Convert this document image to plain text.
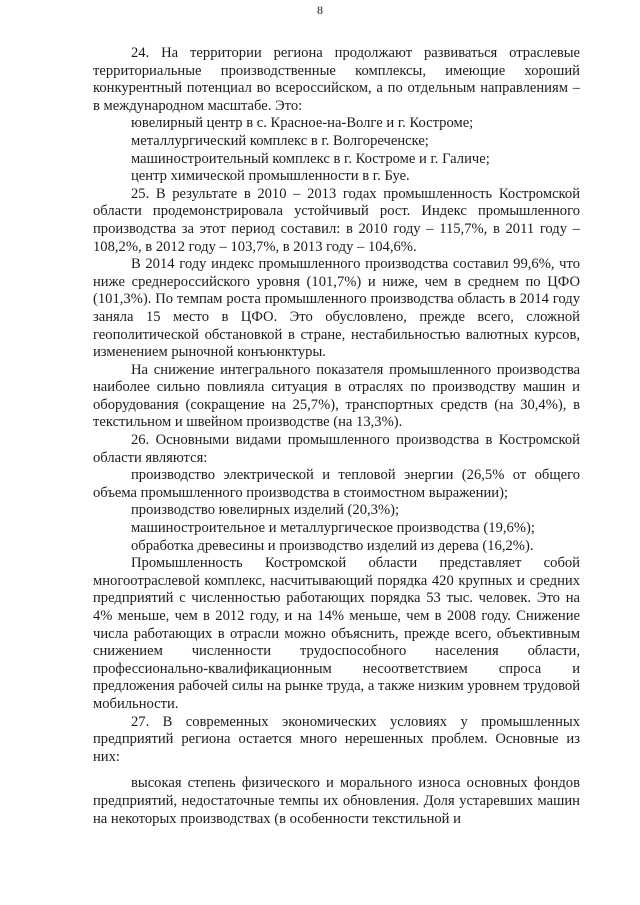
8

24. На территории региона продолжают развиваться отраслевые территориальные производственные комплексы, имеющие хороший конкурентный потенциал во всероссийском, а по отдельным направлениям – в международном масштабе. Это:

ювелирный центр в с. Красное-на-Волге и г. Костроме;

металлургический комплекс в г. Волгореченске;

машиностроительный комплекс в г. Костроме и г. Галиче;

центр химической промышленности в г. Буе.

25. В результате в 2010 – 2013 годах промышленность Костромской области продемонстрировала устойчивый рост. Индекс промышленного производства за этот период составил: в 2010 году – 115,7%, в 2011 году – 108,2%, в 2012 году – 103,7%, в 2013 году – 104,6%.

В 2014 году индекс промышленного производства составил 99,6%, что ниже среднероссийского уровня (101,7%) и ниже, чем в среднем по ЦФО (101,3%). По темпам роста промышленного производства область в 2014 году заняла 15 место в ЦФО. Это обусловлено, прежде всего, сложной геополитической обстановкой в стране, нестабильностью валютных курсов, изменением рыночной конъюнктуры.

На снижение интегрального показателя промышленного производства наиболее сильно повлияла ситуация в отраслях по производству машин и оборудования (сокращение на 25,7%), транспортных средств (на 30,4%), в текстильном и швейном производстве (на 13,3%).

26. Основными видами промышленного производства в Костромской области являются:

производство электрической и тепловой энергии (26,5% от общего объема промышленного производства в стоимостном выражении);

производство ювелирных изделий (20,3%);

машиностроительное и металлургическое производства (19,6%);

обработка древесины и производство изделий из дерева (16,2%).

Промышленность Костромской области представляет собой многоотраслевой комплекс, насчитывающий порядка 420 крупных и средних предприятий с численностью работающих порядка 53 тыс. человек. Это на 4% меньше, чем в 2012 году, и на 14% меньше, чем в 2008 году. Снижение числа работающих в отрасли можно объяснить, прежде всего, объективным снижением численности трудоспособного населения области, профессионально-квалификационным несоответствием спроса и предложения рабочей силы на рынке труда, а также низким уровнем трудовой мобильности.

27. В современных экономических условиях у промышленных предприятий региона остается много нерешенных проблем. Основные из них:

высокая степень физического и морального износа основных фондов предприятий, недостаточные темпы их обновления. Доля устаревших машин на некоторых производствах (в особенности текстильной и
